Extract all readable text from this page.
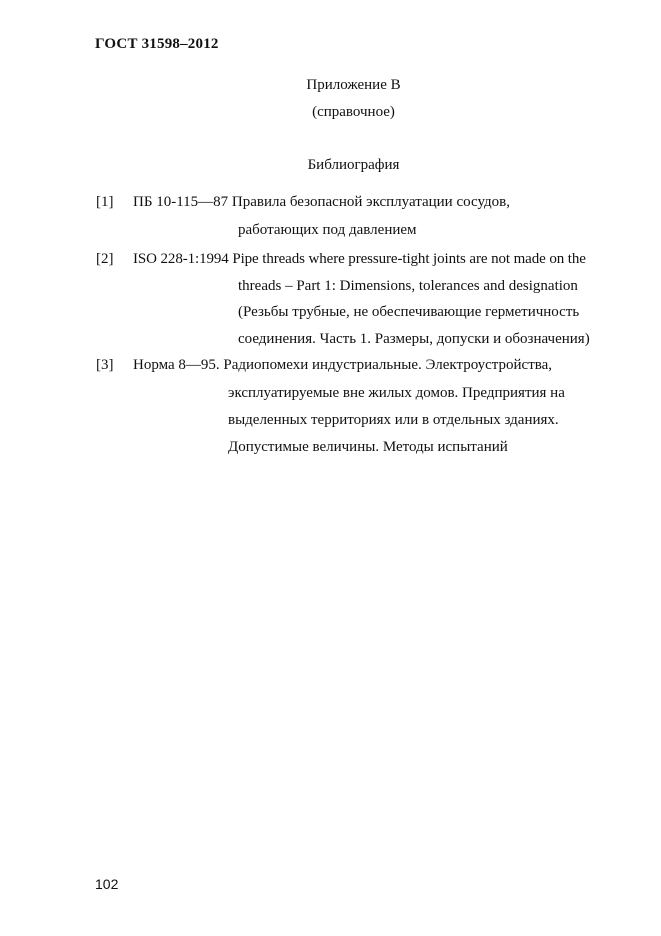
ГОСТ 31598–2012
Приложение В
(справочное)
Библиография
[1] ПБ 10-115—87 Правила безопасной эксплуатации сосудов,
работающих под давлением
[2] ISO 228-1:1994 Pipe threads where pressure-tight joints are not made on the
threads – Part 1: Dimensions, tolerances and designation
(Резьбы трубные, не обеспечивающие герметичность
соединения. Часть 1. Размеры, допуски и обозначения)
[3] Норма 8—95. Радиопомехи индустриальные. Электроустройства,
эксплуатируемые вне жилых домов. Предприятия на
выделенных территориях или в отдельных зданиях.
Допустимые величины. Методы испытаний
102
